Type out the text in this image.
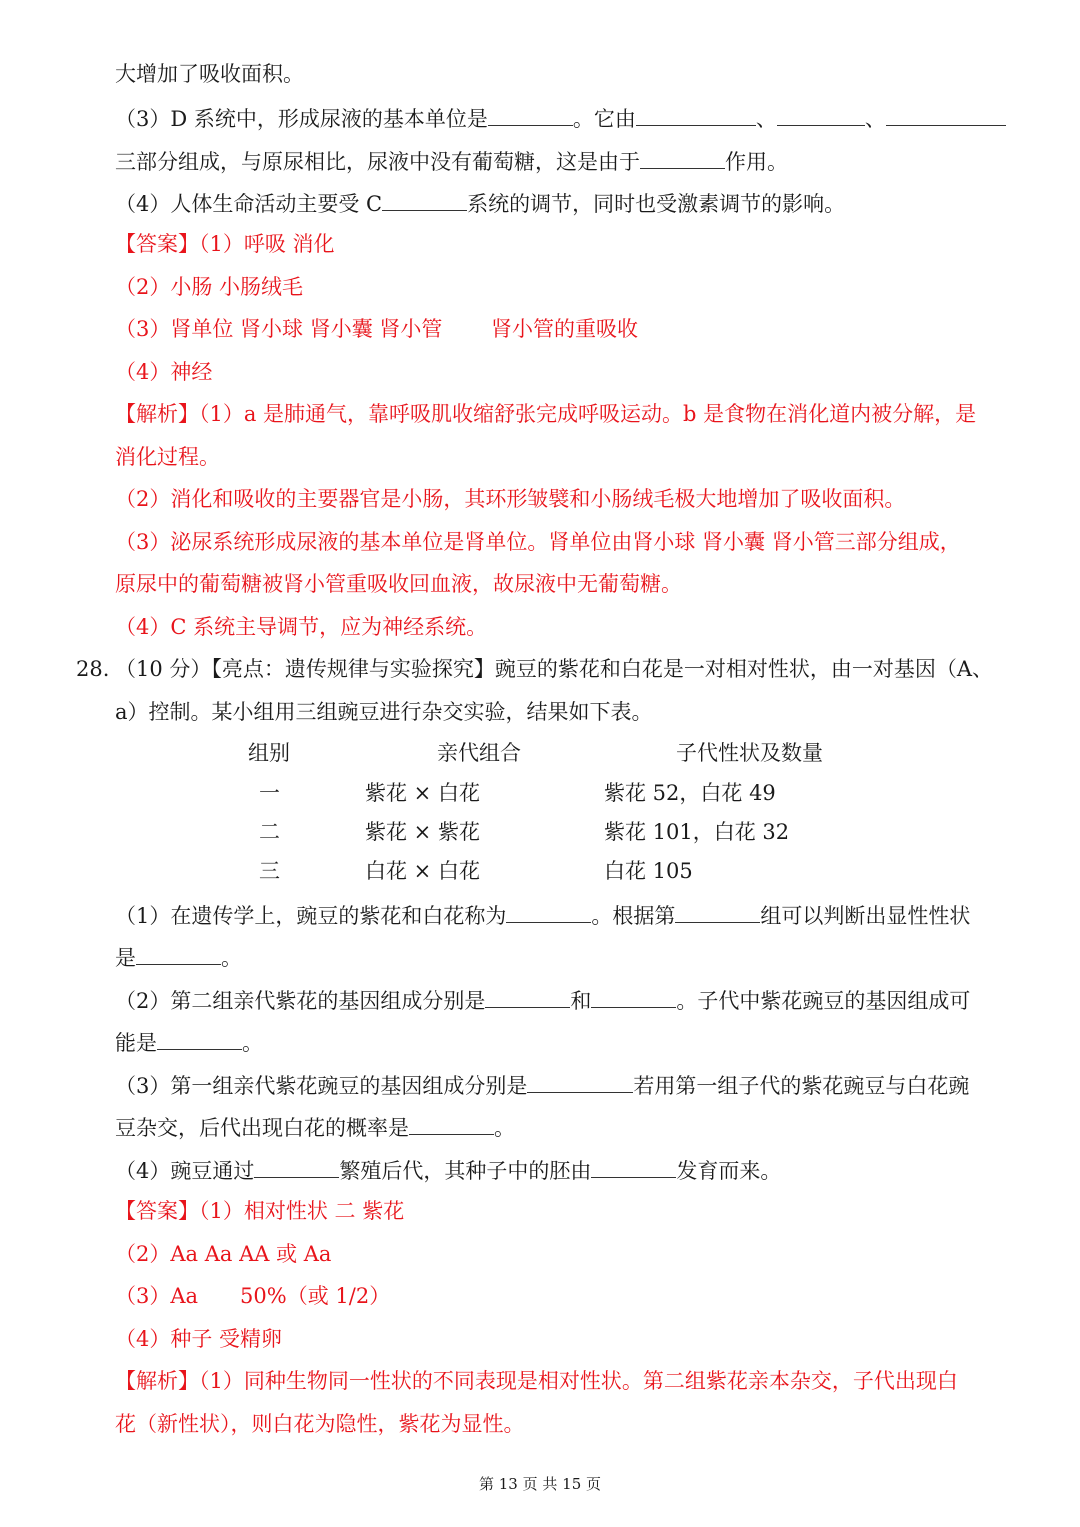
大增加了吸收面积。
（3）D 系统中，形成尿液的基本单位是	。它由	、	、
三部分组成，与原尿相比，尿液中没有葡萄糖，这是由于	作用。
（4）人体生命活动主要受 C	系统的调节，同时也受激素调节的影响。
【答案】（1）呼吸 消化
（2）小肠 小肠绒毛
（3）肾单位 肾小球 肾小囊 肾小管　　 肾小管的重吸收
（4）神经
【解析】（1）a 是肺通气，靠呼吸肌收缩舒张完成呼吸运动。b 是食物在消化道内被分解，是
消化过程。
（2）消化和吸收的主要器官是小肠，其环形皱襞和小肠绒毛极大地增加了吸收面积。
（3）泌尿系统形成尿液的基本单位是肾单位。肾单位由肾小球 肾小囊 肾小管三部分组成，
原尿中的葡萄糖被肾小管重吸收回血液，故尿液中无葡萄糖。
（4）C 系统主导调节，应为神经系统。
28. （10 分）【亮点：遗传规律与实验探究】豌豆的紫花和白花是一对相对性状，由一对基因（A、
a）控制。某小组用三组豌豆进行杂交实验，结果如下表。
组别	亲代组合	子代性状及数量
一	紫花 × 白花	紫花 52，白花 49
二	紫花 × 紫花	紫花 101，白花 32
三	白花 × 白花	白花 105
（1）在遗传学上，豌豆的紫花和白花称为	。根据第	组可以判断出显性性状
是	。
（2）第二组亲代紫花的基因组成分别是	和	。子代中紫花豌豆的基因组成可
能是	。
（3）第一组亲代紫花豌豆的基因组成分别是	若用第一组子代的紫花豌豆与白花豌
豆杂交，后代出现白花的概率是	。
（4）豌豆通过	繁殖后代，其种子中的胚由	发育而来。
【答案】（1）相对性状 二 紫花
（2）Aa Aa AA 或 Aa
（3）Aa　　50%（或 1/2）
（4）种子 受精卵
【解析】（1）同种生物同一性状的不同表现是相对性状。第二组紫花亲本杂交，子代出现白
花（新性状），则白花为隐性，紫花为显性。
第 13 页 共 15 页
